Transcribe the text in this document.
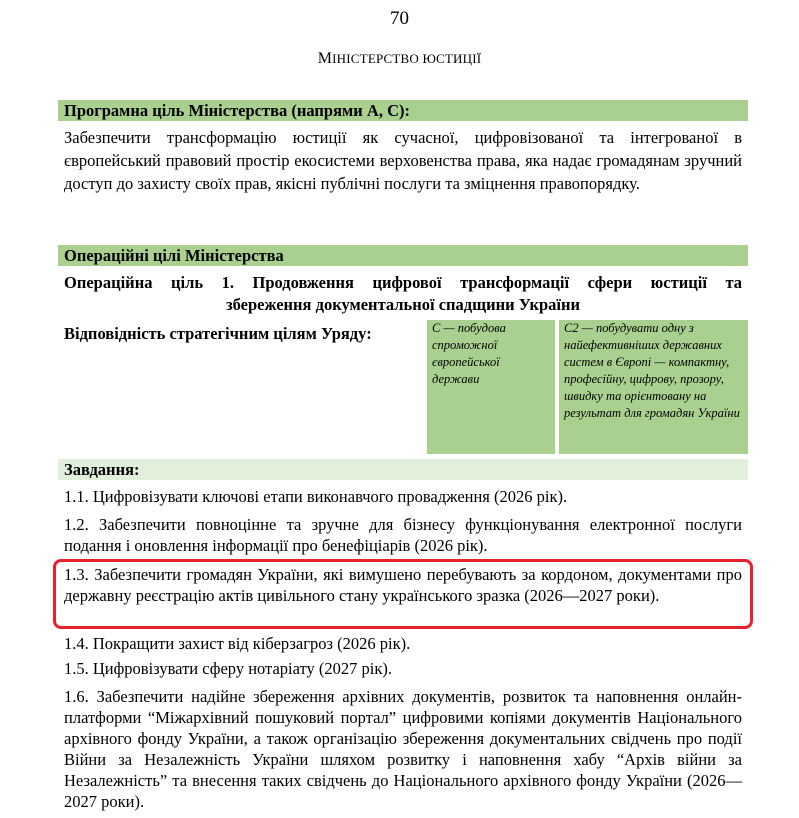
70
МІНІСТЕРСТВО ЮСТИЦІЇ
Програмна ціль Міністерства (напрями А, С):
Забезпечити трансформацію юстиції як сучасної, цифровізованої та інтегрованої в європейський правовий простір екосистеми верховенства права, яка надає громадянам зручний доступ до захисту своїх прав, якісні публічні послуги та зміцнення правопорядку.
Операційні цілі Міністерства
Операційна ціль 1. Продовження цифрової трансформації сфери юстиції та
збереження документальної спадщини України
Відповідність стратегічним цілям Уряду:	С — побудова спроможної європейської держави
С2 — побудувати одну з найефективніших державних систем в Європі — компактну, професійну, цифрову, прозору, швидку та орієнтовану на результат для громадян України
Завдання:
1.1. Цифровізувати ключові етапи виконавчого провадження (2026 рік).
1.2. Забезпечити повноцінне та зручне для бізнесу функціонування електронної послуги подання і оновлення інформації про бенефіціарів (2026 рік).
1.3. Забезпечити громадян України, які вимушено перебувають за кордоном, документами про державну реєстрацію актів цивільного стану українського зразка (2026—2027 роки).
1.4. Покращити захист від кіберзагроз (2026 рік).
1.5. Цифровізувати сферу нотаріату (2027 рік).
1.6. Забезпечити надійне збереження архівних документів, розвиток та наповнення онлайн-платформи “Міжархівний пошуковий портал” цифровими копіями документів Національного архівного фонду України, а також організацію збереження документальних свідчень про події Війни за Незалежність України шляхом розвитку і наповнення хабу “Архів війни за Незалежність” та внесення таких свідчень до Національного архівного фонду України (2026—2027 роки).
